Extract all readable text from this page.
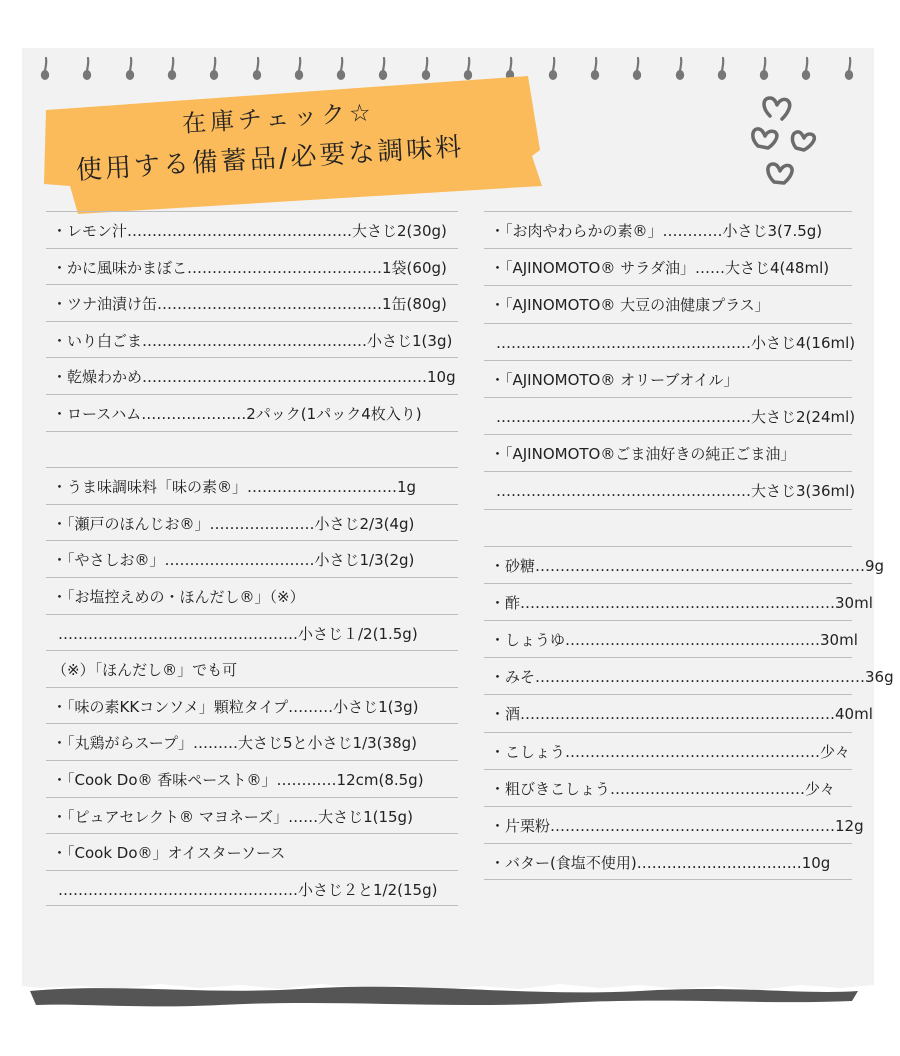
在庫チェック☆
使用する備蓄品/必要な調味料
・レモン汁………………………………………大さじ2(30g)
・かに風味かまぼこ…………………………………1袋(60g)
・ツナ油漬け缶………………………………………1缶(80g)
・いり白ごま………………………………………小さじ1(3g)
・乾燥わかめ…………………………………………………10g
・ロースハム…………………2パック(1パック4枚入り)
・うま味調味料「味の素®」…………………………1g
・「瀬戸のほんじお®」…………………小さじ2/3(4g)
・「やさしお®」…………………………小さじ1/3(2g)
・「お塩控えめの・ほんだし®」（※）
…………………………………………小さじ１/2(1.5g)
（※）「ほんだし®」でも可
・「味の素KKコンソメ」顆粒タイプ………小さじ1(3g)
・「丸鶏がらスープ」………大さじ5と小さじ1/3(38g)
・「Cook Do® 香味ペースト®」…………12cm(8.5g)
・「ピュアセレクト® マヨネーズ」……大さじ1(15g)
・「Cook Do®」オイスターソース
…………………………………………小さじ２と1/2(15g)
・「お肉やわらかの素®」…………小さじ3(7.5g)
・「AJINOMOTO® サラダ油」……大さじ4(48ml)
・「AJINOMOTO® 大豆の油健康プラス」
……………………………………………小さじ4(16ml)
・「AJINOMOTO® オリーブオイル」
……………………………………………大さじ2(24ml)
・「AJINOMOTO®ごま油好きの純正ごま油」
……………………………………………大さじ3(36ml)
・砂糖…………………………………………………………9g
・酢………………………………………………………30ml
・しょうゆ……………………………………………30ml
・みそ…………………………………………………………36g
・酒………………………………………………………40ml
・こしょう……………………………………………少々
・粗びきこしょう…………………………………少々
・片栗粉…………………………………………………12g
・バター(食塩不使用)……………………………10g
